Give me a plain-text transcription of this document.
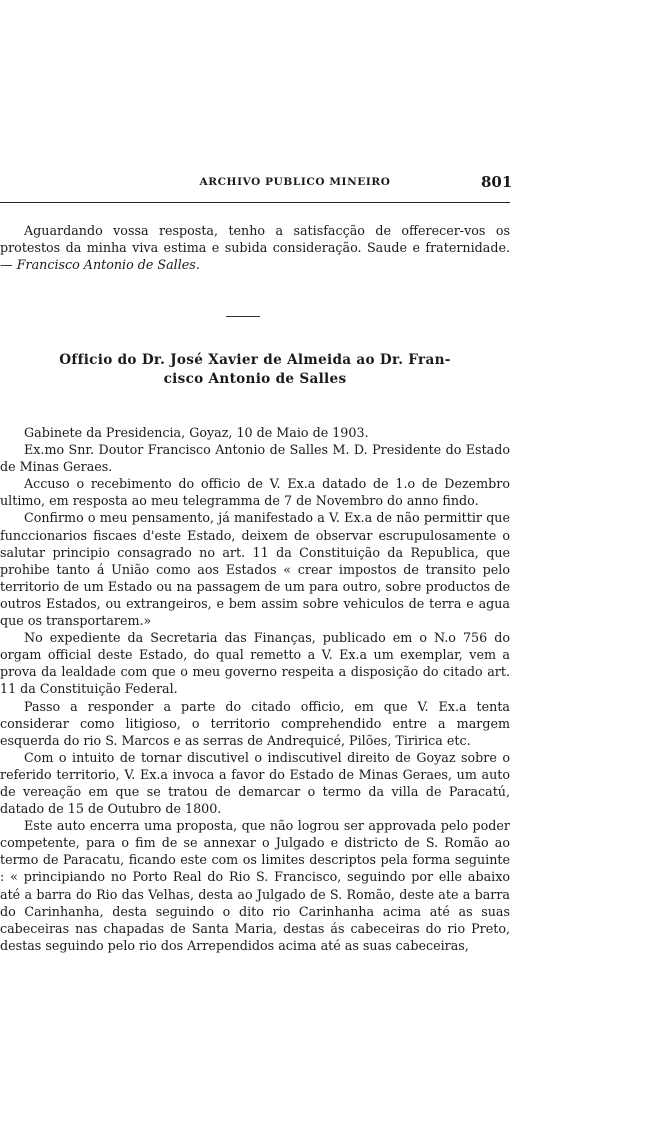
ARCHIVO PUBLICO MINEIRO	801

Aguardando vossa resposta, tenho a satisfacção de offerecer-vos os protestos da minha viva estima e subida consideração. Saude e fraternidade. — Francisco Antonio de Salles.

Officio do Dr. José Xavier de Almeida ao Dr. Fran-
cisco Antonio de Salles

Gabinete da Presidencia, Goyaz, 10 de Maio de 1903.

Ex.mo Snr. Doutor Francisco Antonio de Salles M. D. Presidente do Estado de Minas Geraes.

Accuso o recebimento do officio de V. Ex.a datado de 1.o de Dezembro ultimo, em resposta ao meu telegramma de 7 de Novembro do anno findo.

Confirmo o meu pensamento, já manifestado a V. Ex.a de não permittir que funccionarios fiscaes d'este Estado, deixem de observar escrupulosamente o salutar principio consagrado no art. 11 da Constituição da Republica, que prohibe tanto á União como aos Estados « crear impostos de transito pelo territorio de um Estado ou na passagem de um para outro, sobre productos de outros Estados, ou extrangeiros, e bem assim sobre vehiculos de terra e agua que os transportarem.»

No expediente da Secretaria das Finanças, publicado em o N.o 756 do orgam official deste Estado, do qual remetto a V. Ex.a um exemplar, vem a prova da lealdade com que o meu governo respeita a disposição do citado art. 11 da Constituição Federal.

Passo a responder a parte do citado officio, em que V. Ex.a tenta considerar como litigioso, o territorio comprehendido entre a margem esquerda do rio S. Marcos e as serras de Andrequicé, Pilões, Tiririca etc.

Com o intuito de tornar discutivel o indiscutivel direito de Goyaz sobre o referido territorio, V. Ex.a invoca a favor do Estado de Minas Geraes, um auto de vereação em que se tratou de demarcar o termo da villa de Paracatú, datado de 15 de Outubro de 1800.

Este auto encerra uma proposta, que não logrou ser approvada pelo poder competente, para o fim de se annexar o Julgado e districto de S. Romão ao termo de Paracatu, ficando este com os limites descriptos pela forma seguinte : « principiando no Porto Real do Rio S. Francisco, seguindo por elle abaixo até a barra do Rio das Velhas, desta ao Julgado de S. Romão, deste ate a barra do Carinhanha, desta seguindo o dito rio Carinhanha acima até as suas cabeceiras nas chapadas de Santa Maria, destas ás cabeceiras do rio Preto, destas seguindo pelo rio dos Arrependidos acima até as suas cabeceiras,
